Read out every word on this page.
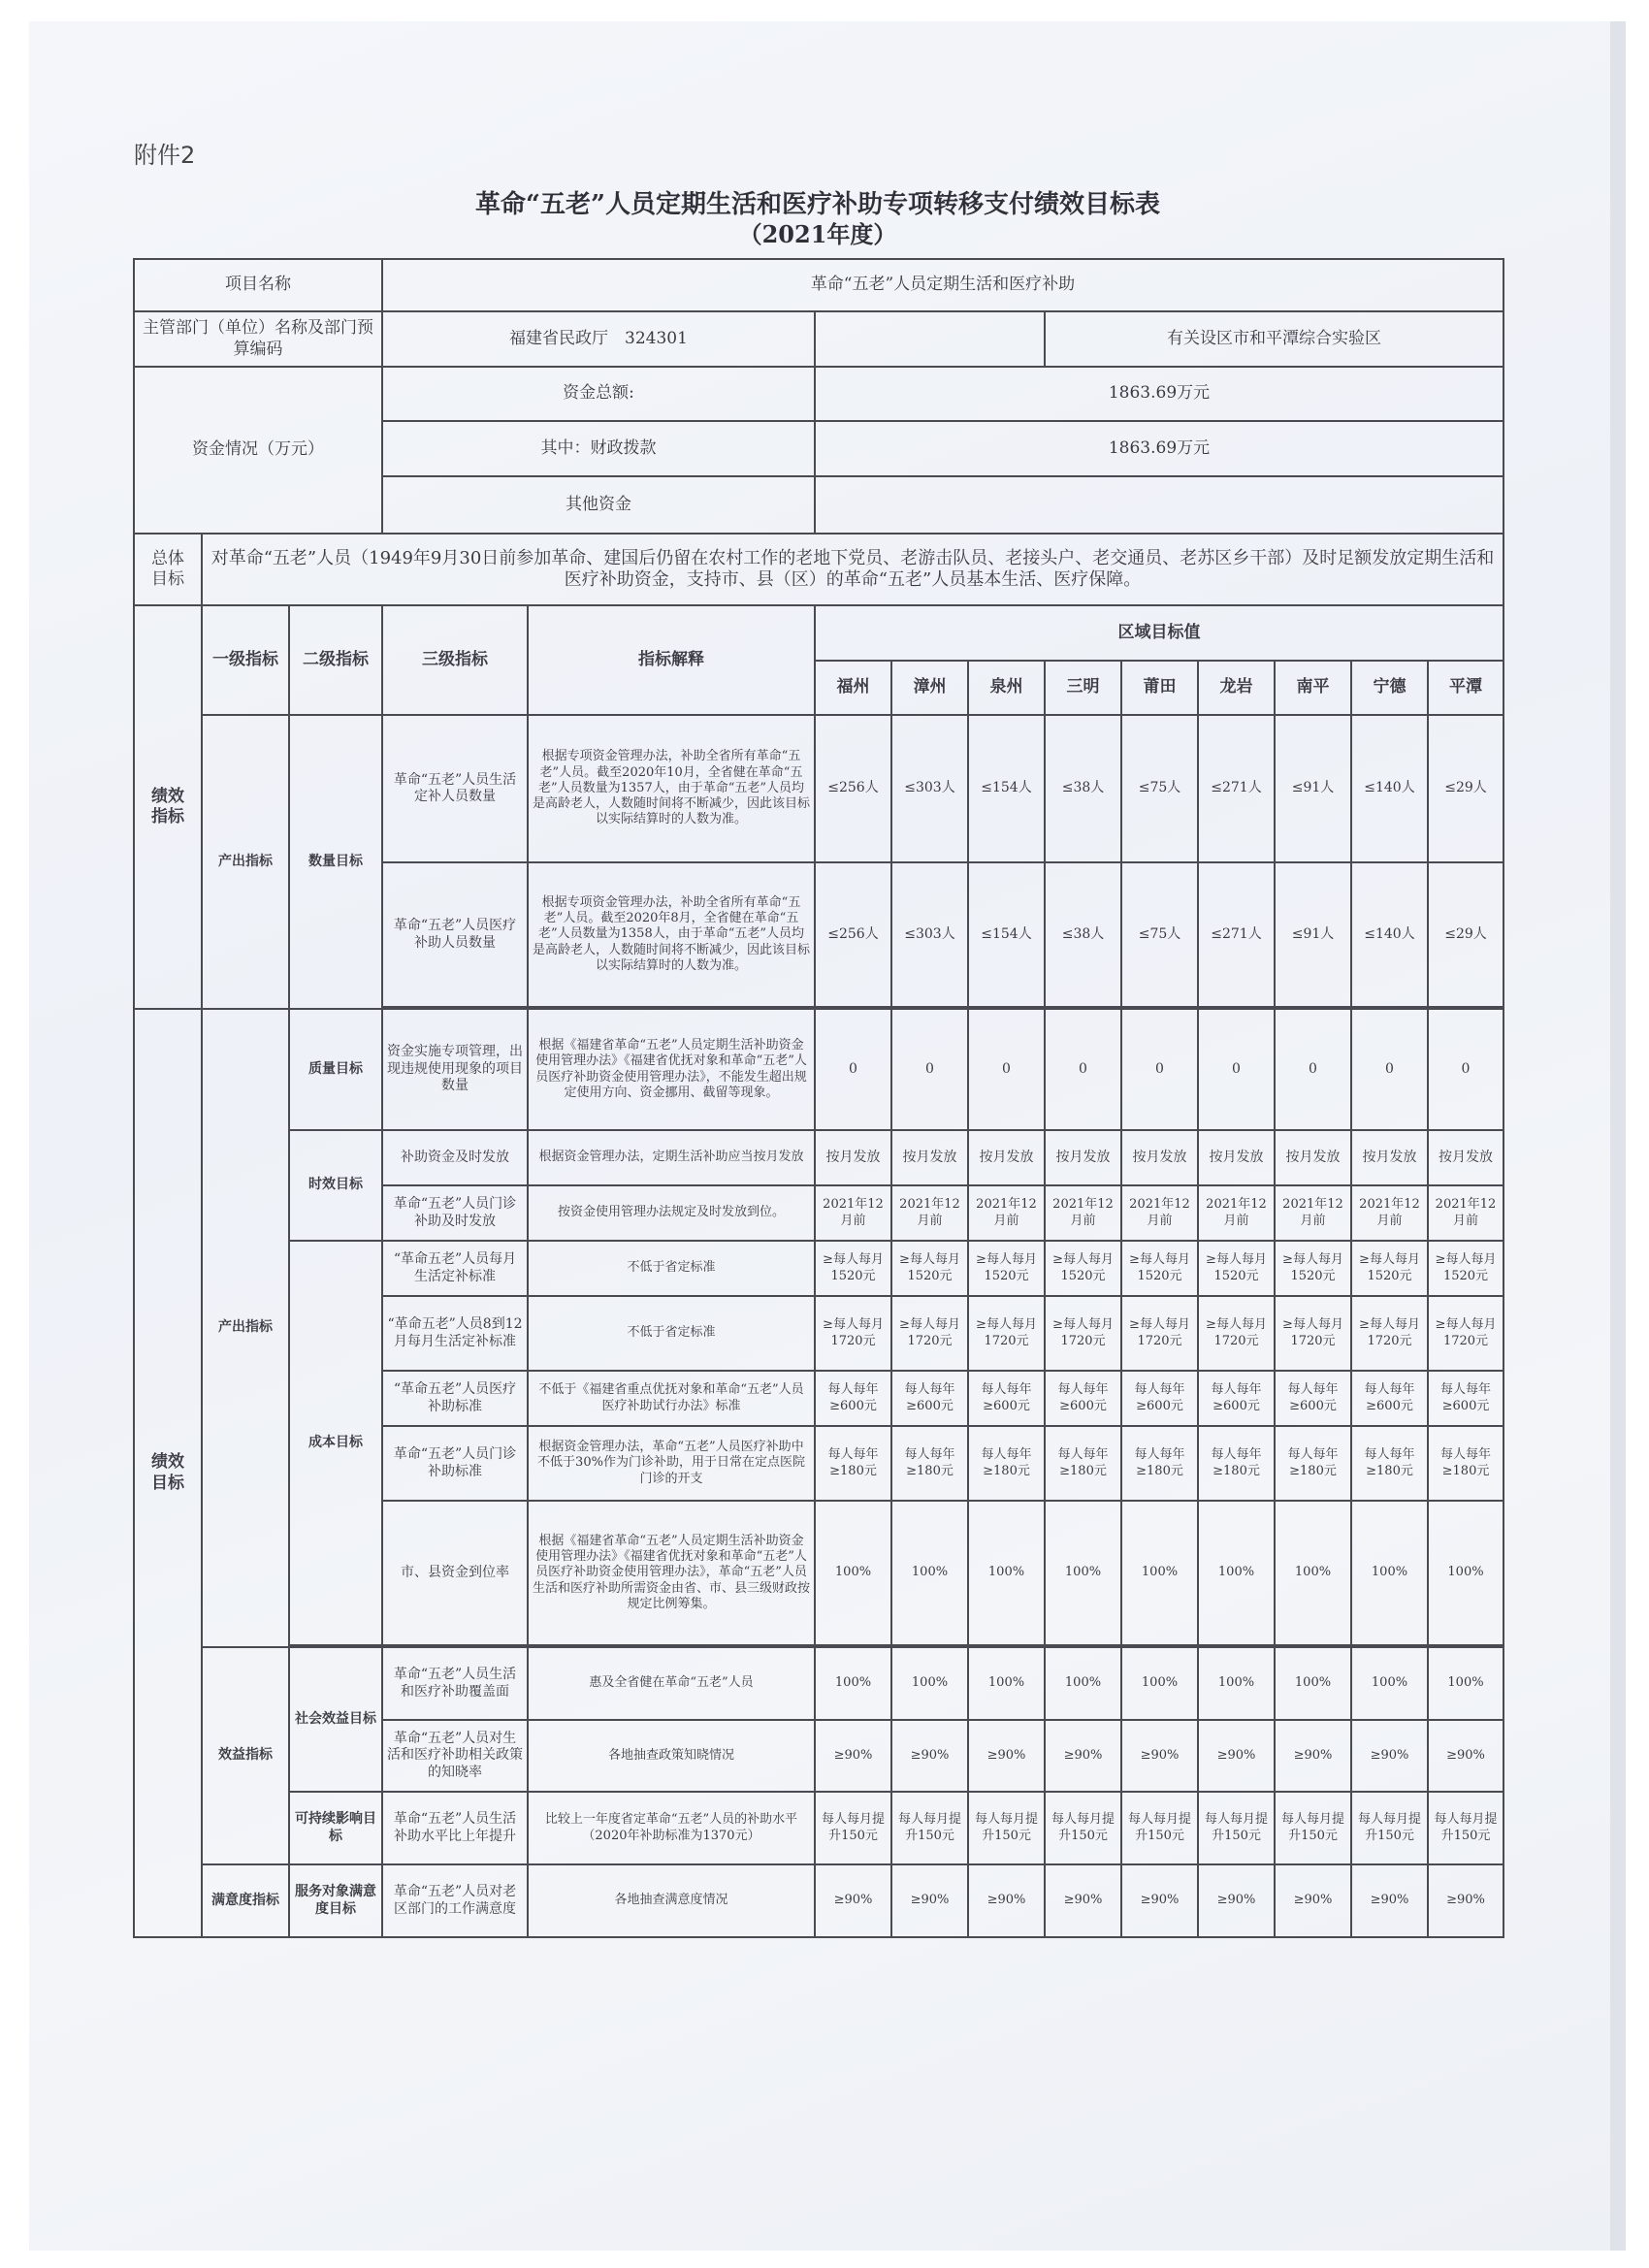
附件2
革命“五老”人员定期生活和医疗补助专项转移支付绩效目标表
（2021年度）
项目名称			革命“五老”人员定期生活和医疗补助										
主管部门（单位）名称及部门预算编码			福建省民政厅　324301					有关设区市和平潭综合实验区					
资金情况（万元）			资金总额:		1863.69万元								
			其中：财政拨款		1863.69万元								
			其他资金										
总体目标	对革命“五老”人员（1949年9月30日前参加革命、建国后仍留在农村工作的老地下党员、老游击队员、老接头户、老交通员、老苏区乡干部）及时足额发放定期生活和医疗补助资金，支持市、县（区）的革命“五老”人员基本生活、医疗保障。												
绩效指标	一级指标	二级指标	三级指标	指标解释	区域目标值								
					福州	漳州	泉州	三明	莆田	龙岩	南平	宁德	平潭
	产出指标	数量目标	革命“五老”人员生活定补人员数量	根据专项资金管理办法，补助全省所有革命“五老”人员。截至2020年10月，全省健在革命“五老”人员数量为1357人，由于革命“五老”人员均是高龄老人，人数随时间将不断减少，因此该目标以实际结算时的人数为准。	≤256人	≤303人	≤154人	≤38人	≤75人	≤271人	≤91人	≤140人	≤29人
			革命“五老”人员医疗补助人员数量	根据专项资金管理办法，补助全省所有革命“五老”人员。截至2020年8月，全省健在革命“五老”人员数量为1358人，由于革命“五老”人员均是高龄老人，人数随时间将不断减少，因此该目标以实际结算时的人数为准。	≤256人	≤303人	≤154人	≤38人	≤75人	≤271人	≤91人	≤140人	≤29人

绩效目标	产出指标	质量目标	资金实施专项管理，出现违规使用现象的项目数量	根据《福建省革命“五老”人员定期生活补助资金使用管理办法》《福建省优抚对象和革命“五老”人员医疗补助资金使用管理办法》，不能发生超出规定使用方向、资金挪用、截留等现象。	0	0	0	0	0	0	0	0	0
		时效目标	补助资金及时发放	根据资金管理办法，定期生活补助应当按月发放	按月发放	按月发放	按月发放	按月发放	按月发放	按月发放	按月发放	按月发放	按月发放
			革命“五老”人员门诊补助及时发放	按资金使用管理办法规定及时发放到位。	2021年12月前	2021年12月前	2021年12月前	2021年12月前	2021年12月前	2021年12月前	2021年12月前	2021年12月前	2021年12月前
		成本目标	“革命五老”人员每月生活定补标准	不低于省定标准	≥每人每月1520元	≥每人每月1520元	≥每人每月1520元	≥每人每月1520元	≥每人每月1520元	≥每人每月1520元	≥每人每月1520元	≥每人每月1520元	≥每人每月1520元
			“革命五老”人员8到12月每月生活定补标准	不低于省定标准	≥每人每月1720元	≥每人每月1720元	≥每人每月1720元	≥每人每月1720元	≥每人每月1720元	≥每人每月1720元	≥每人每月1720元	≥每人每月1720元	≥每人每月1720元
			“革命五老”人员医疗补助标准	不低于《福建省重点优抚对象和革命“五老”人员医疗补助试行办法》标准	每人每年≥600元	每人每年≥600元	每人每年≥600元	每人每年≥600元	每人每年≥600元	每人每年≥600元	每人每年≥600元	每人每年≥600元	每人每年≥600元
			革命“五老”人员门诊补助标准	根据资金管理办法，革命“五老”人员医疗补助中不低于30%作为门诊补助，用于日常在定点医院门诊的开支	每人每年≥180元	每人每年≥180元	每人每年≥180元	每人每年≥180元	每人每年≥180元	每人每年≥180元	每人每年≥180元	每人每年≥180元	每人每年≥180元
			市、县资金到位率	根据《福建省革命“五老”人员定期生活补助资金使用管理办法》《福建省优抚对象和革命“五老”人员医疗补助资金使用管理办法》，革命“五老”人员生活和医疗补助所需资金由省、市、县三级财政按规定比例筹集。	100%	100%	100%	100%	100%	100%	100%	100%	100%

	效益指标	社会效益目标	革命“五老”人员生活和医疗补助覆盖面	惠及全省健在革命“五老”人员	100%	100%	100%	100%	100%	100%	100%	100%	100%
			革命“五老”人员对生活和医疗补助相关政策的知晓率	各地抽查政策知晓情况	≥90%	≥90%	≥90%	≥90%	≥90%	≥90%	≥90%	≥90%	≥90%
		可持续影响目标	革命“五老”人员生活补助水平比上年提升	比较上一年度省定革命“五老”人员的补助水平（2020年补助标准为1370元）	每人每月提升150元	每人每月提升150元	每人每月提升150元	每人每月提升150元	每人每月提升150元	每人每月提升150元	每人每月提升150元	每人每月提升150元	每人每月提升150元
	满意度指标	服务对象满意度目标	革命“五老”人员对老区部门的工作满意度	各地抽查满意度情况	≥90%	≥90%	≥90%	≥90%	≥90%	≥90%	≥90%	≥90%	≥90%
